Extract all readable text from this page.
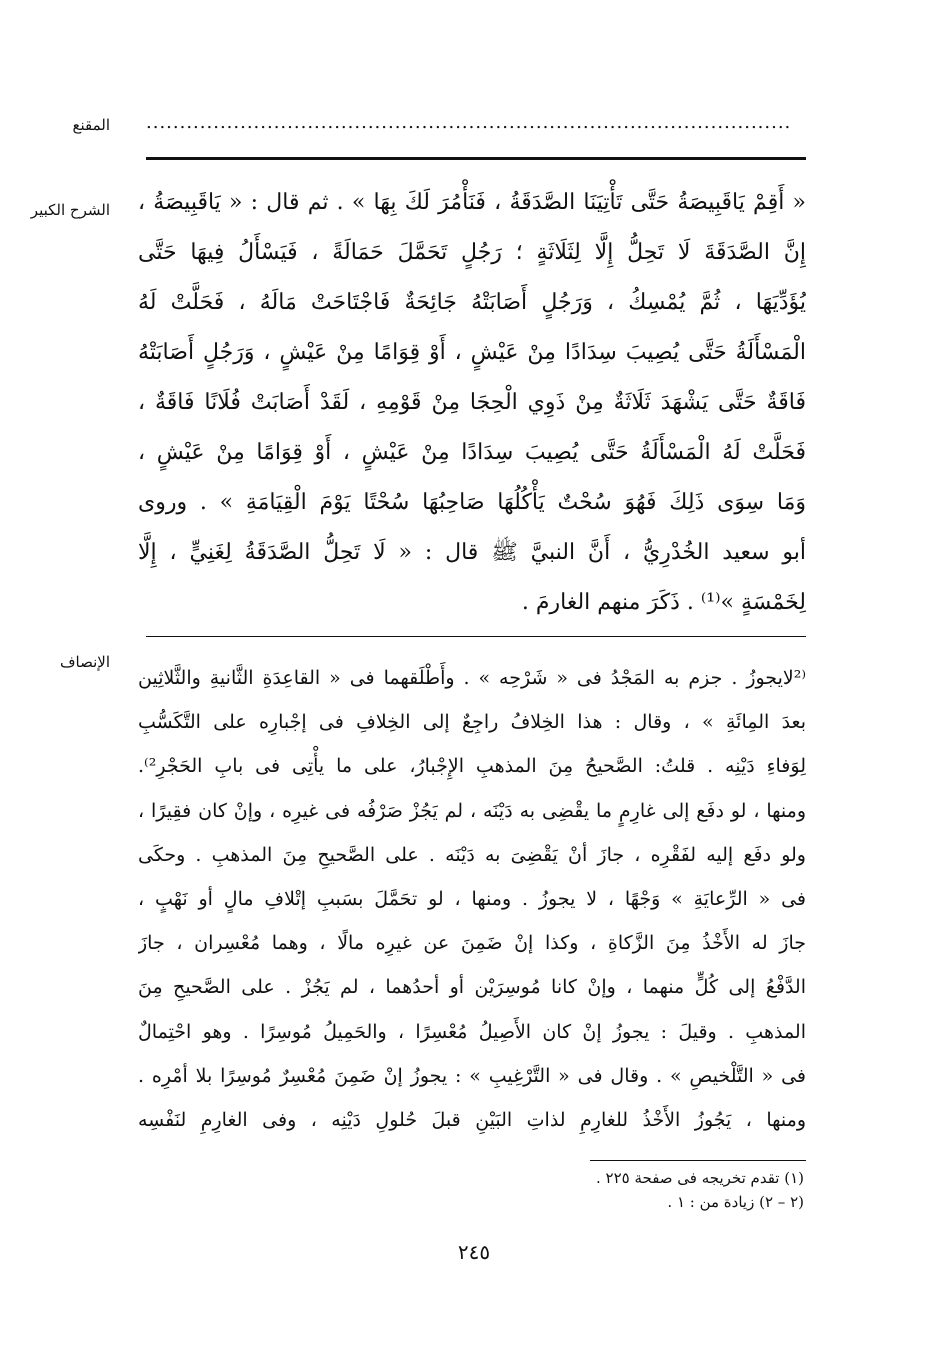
المقنع ................................................................................................
الشرح الكبير « أَقِمْ يَاقَبِيصَةُ حَتَّى تَأْتِيَنَا الصَّدَقَةُ ، فَنَأْمُرَ لَكَ بِهَا » . ثم قال : « يَاقَبِيصَةُ ،
إِنَّ الصَّدَقَةَ لَا تَحِلُّ إِلَّا لِثَلَاثَةٍ ؛ رَجُلٍ تَحَمَّلَ حَمَالَةً ، فَيَسْأَلُ فِيهَا حَتَّى
يُؤَدِّيَهَا ، ثُمَّ يُمْسِكُ ، وَرَجُلٍ أَصَابَتْهُ جَائِحَةٌ فَاجْتَاحَتْ مَالَهُ ، فَحَلَّتْ لَهُ
الْمَسْأَلَةُ حَتَّى يُصِيبَ سِدَادًا مِنْ عَيْشٍ ، أَوْ قِوَامًا مِنْ عَيْشٍ ، وَرَجُلٍ أَصَابَتْهُ
فَاقَةٌ حَتَّى يَشْهَدَ ثَلَاثَةٌ مِنْ ذَوِي الْحِجَا مِنْ قَوْمِهِ ، لَقَدْ أَصَابَتْ فُلَانًا فَاقَةٌ ،
فَحَلَّتْ لَهُ الْمَسْأَلَةُ حَتَّى يُصِيبَ سِدَادًا مِنْ عَيْشٍ ، أَوْ قِوَامًا مِنْ عَيْشٍ ،
وَمَا سِوَى ذَلِكَ فَهُوَ سُحْتٌ يَأْكُلُهَا صَاحِبُهَا سُحْتًا يَوْمَ الْقِيَامَةِ » . وروى
أبو سعيد الخُدْرِيُّ ، أَنَّ النبيَّ ﷺ قال : « لَا تَحِلُّ الصَّدَقَةُ لِغَنِيٍّ ، إِلَّا
لِخَمْسَةٍ »⁽¹⁾ . ذَكَرَ منهم الغارمَ .
الإنصاف
⁽²لايجوزُ . جزم به المَجْدُ فى « شَرْحِه » . وأَطْلَقهما فى « القاعِدَةِ الثَّانيةِ والثَّلاثِين
بعدَ المِائَةِ » ، وقال : هذا الخِلافُ راجِعٌ إلى الخِلافِ فى إجْبارِه على التَّكَسُّبِ
لِوَفاءِ دَيْنِه . قلتُ: الصَّحيحُ مِنَ المذهبِ الإِجْبارُ، على ما يأْتِى فى بابِ الحَجْرِ²⁾.
ومنها ، لو دفَع إلى غارِمٍ ما يقْضِى به دَيْنَه ، لم يَجُزْ صَرْفُه فى غيرِه ، وإنْ كان فقِيرًا ،
ولو دفَع إليه لفَقْرِه ، جازَ أنْ يَقْضِىَ به دَيْنَه . على الصَّحيحِ مِنَ المذهبِ . وحكَى
فى « الرِّعايَةِ » وَجْهًا ، لا يجوزُ . ومنها ، لو تحَمَّلَ بسَببِ إتْلافِ مالٍ أو نَهْبٍ ،
جازَ له الأَخْذُ مِنَ الزَّكاةِ ، وكذا إنْ ضَمِنَ عن غيرِه مالًا ، وهما مُعْسِران ، جازَ
الدَّفْعُ إلى كُلٍّ منهما ، وإنْ كانا مُوسِرَيْن أو أحدُهما ، لم يَجُزْ . على الصَّحيحِ مِنَ
المذهبِ . وقيلَ : يجوزُ إنْ كان الأَصِيلُ مُعْسِرًا ، والحَمِيلُ مُوسِرًا . وهو احْتِمالٌ
فى « التَّلْخيصِ » . وقال فى « التَّرْغِيبِ » : يجوزُ إنْ ضَمِنَ مُعْسِرٌ مُوسِرًا بلا أمْرِه .
ومنها ، يَجُوزُ الأَخْذُ للغارِمِ لذاتِ البَيْنِ قبلَ حُلولِ دَيْنِه ، وفى الغارِمِ لنَفْسِه
(١) تقدم تخريجه فى صفحة ٢٢٥ .
(٢ – ٢) زيادة من : ١ .
٢٤٥
